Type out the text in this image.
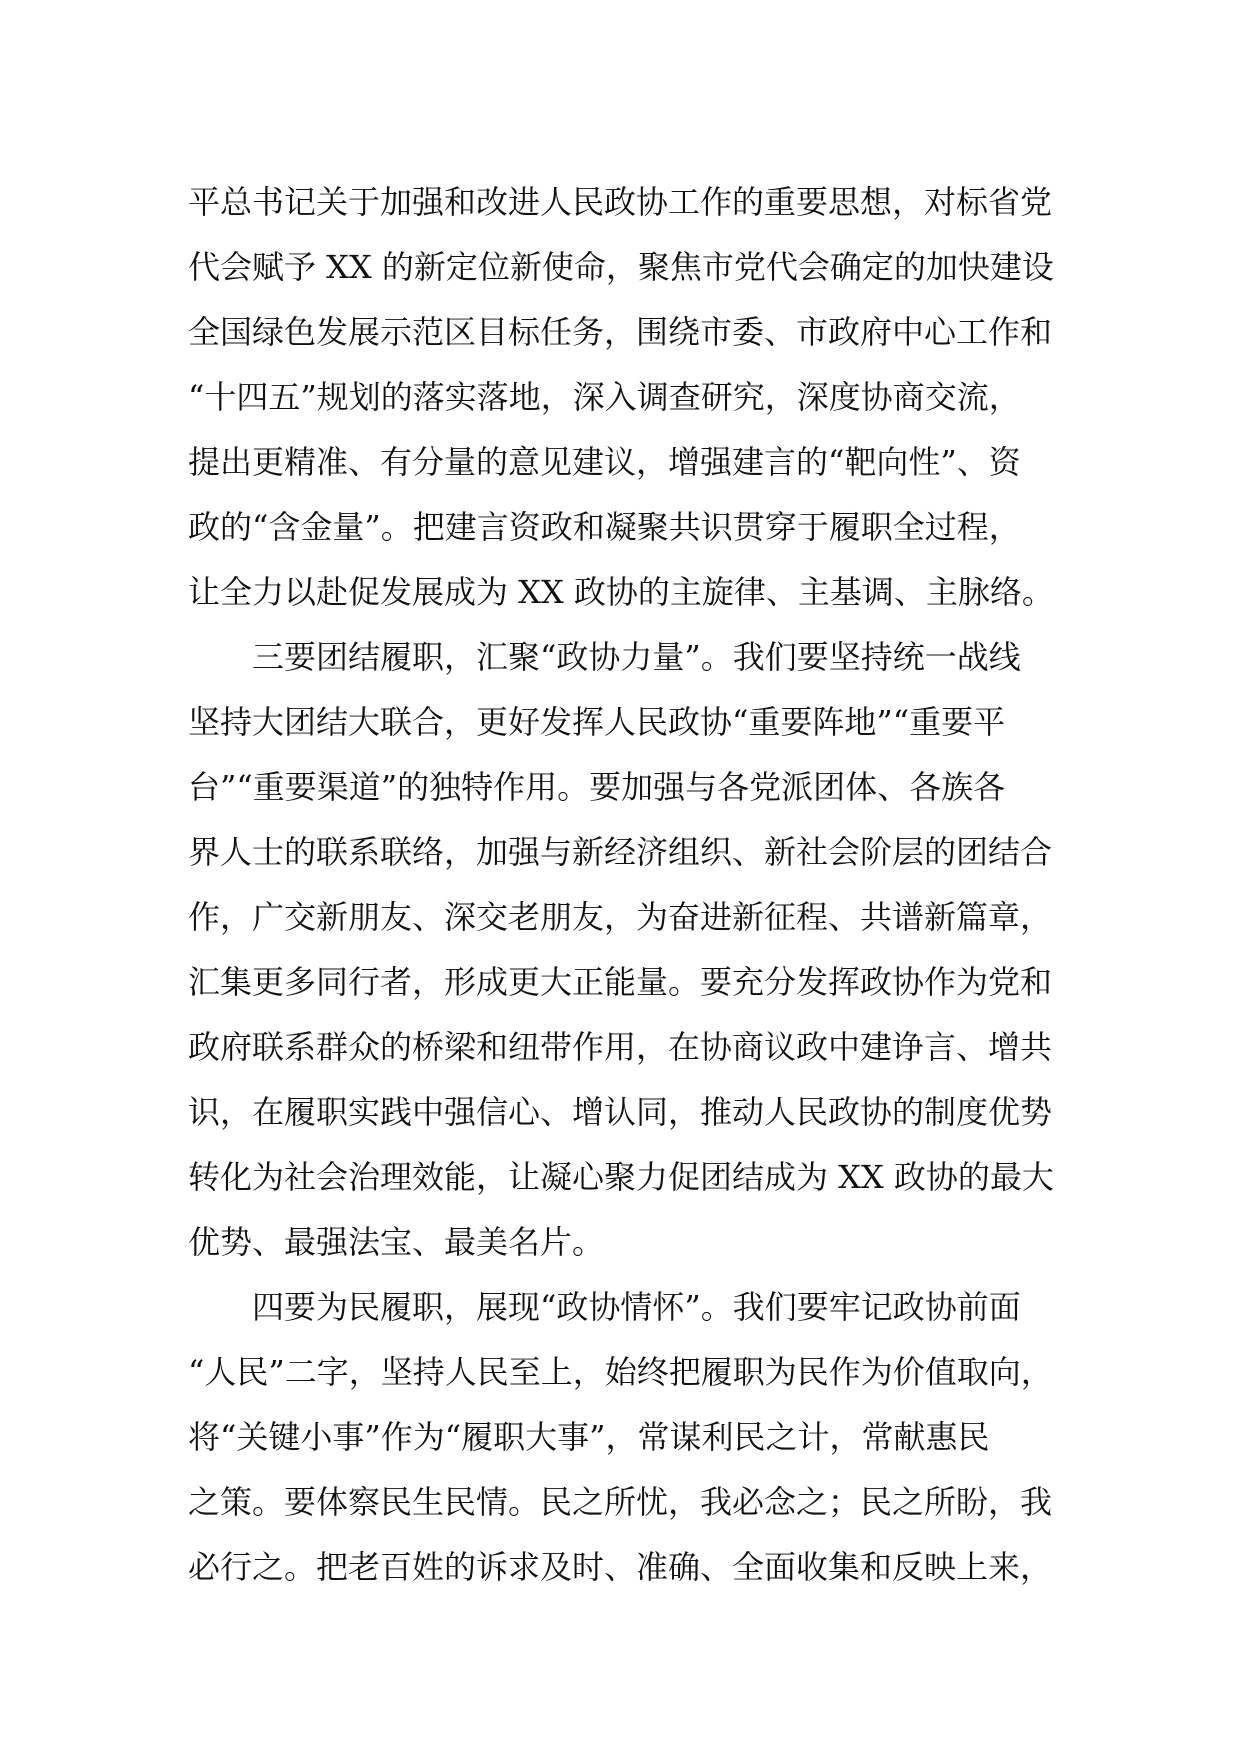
平总书记关于加强和改进人民政协工作的重要思想，对标省党
代会赋予 XX 的新定位新使命，聚焦市党代会确定的加快建设
全国绿色发展示范区目标任务，围绕市委、市政府中心工作和
“十四五”规划的落实落地，深入调查研究，深度协商交流，
提出更精准、有分量的意见建议，增强建言的“靶向性”、资
政的“含金量”。把建言资政和凝聚共识贯穿于履职全过程，
让全力以赴促发展成为 XX 政协的主旋律、主基调、主脉络。
三要团结履职，汇聚“政协力量”。我们要坚持统一战线
坚持大团结大联合，更好发挥人民政协“重要阵地”“重要平
台”“重要渠道”的独特作用。要加强与各党派团体、各族各
界人士的联系联络，加强与新经济组织、新社会阶层的团结合
作，广交新朋友、深交老朋友，为奋进新征程、共谱新篇章，
汇集更多同行者，形成更大正能量。要充分发挥政协作为党和
政府联系群众的桥梁和纽带作用，在协商议政中建诤言、增共
识，在履职实践中强信心、增认同，推动人民政协的制度优势
转化为社会治理效能，让凝心聚力促团结成为 XX 政协的最大
优势、最强法宝、最美名片。
四要为民履职，展现“政协情怀”。我们要牢记政协前面
“人民”二字，坚持人民至上，始终把履职为民作为价值取向，
将“关键小事”作为“履职大事”，常谋利民之计，常献惠民
之策。要体察民生民情。民之所忧，我必念之；民之所盼，我
必行之。把老百姓的诉求及时、准确、全面收集和反映上来，
